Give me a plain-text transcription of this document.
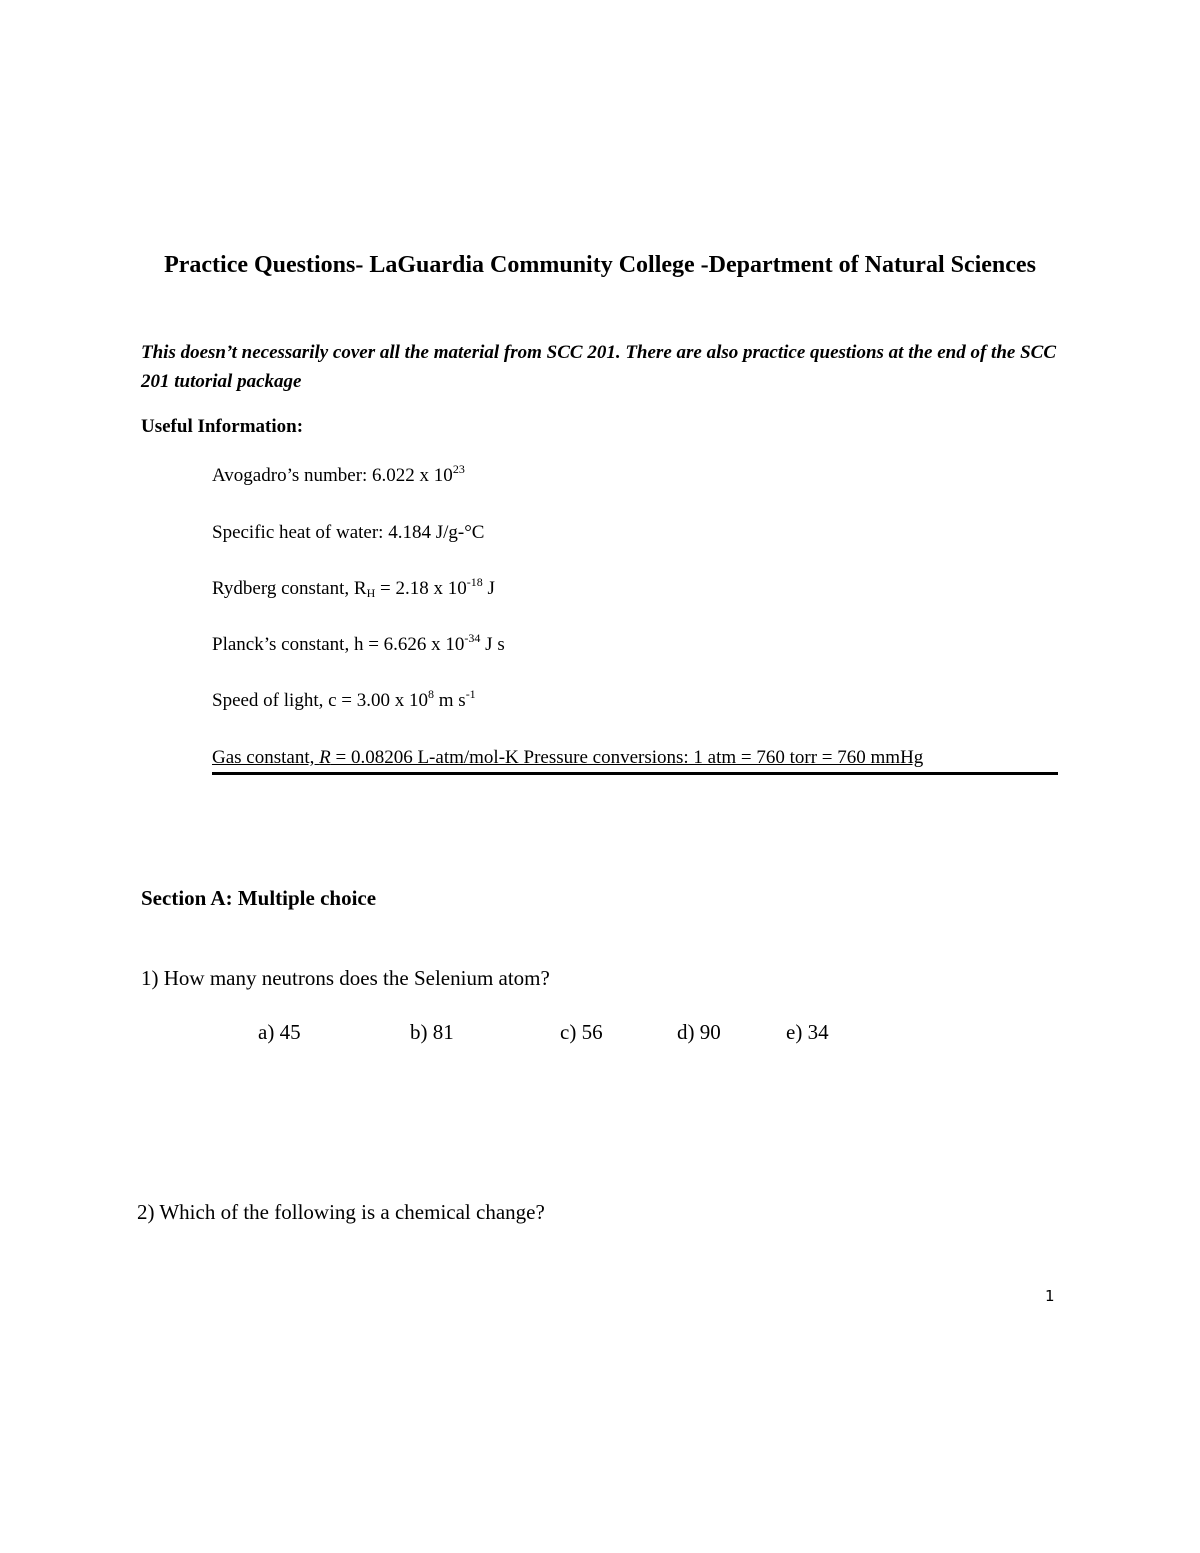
Practice Questions- LaGuardia Community College -Department of Natural Sciences
This doesn’t necessarily cover all the material from SCC 201. There are also practice questions at the end of the SCC 201 tutorial package
Useful Information:
Avogadro’s number: 6.022 x $10^{23}$
Specific heat of water: 4.184 J/g-°C
Rydberg constant, $R_H = 2.18$ x $10^{-18}$ J
Planck’s constant, h = 6.626 x $10^{-34}$ J s
Speed of light, c = 3.00 x $10^8$ m $s^{-1}$
Gas constant, R = 0.08206 L-atm/mol-K Pressure conversions: 1 atm = 760 torr = 760 mmHg
Section A: Multiple choice
1) How many neutrons does the Selenium atom?
a) 45	b) 81	c) 56	d) 90	e) 34
2) Which of the following is a chemical change?
1
